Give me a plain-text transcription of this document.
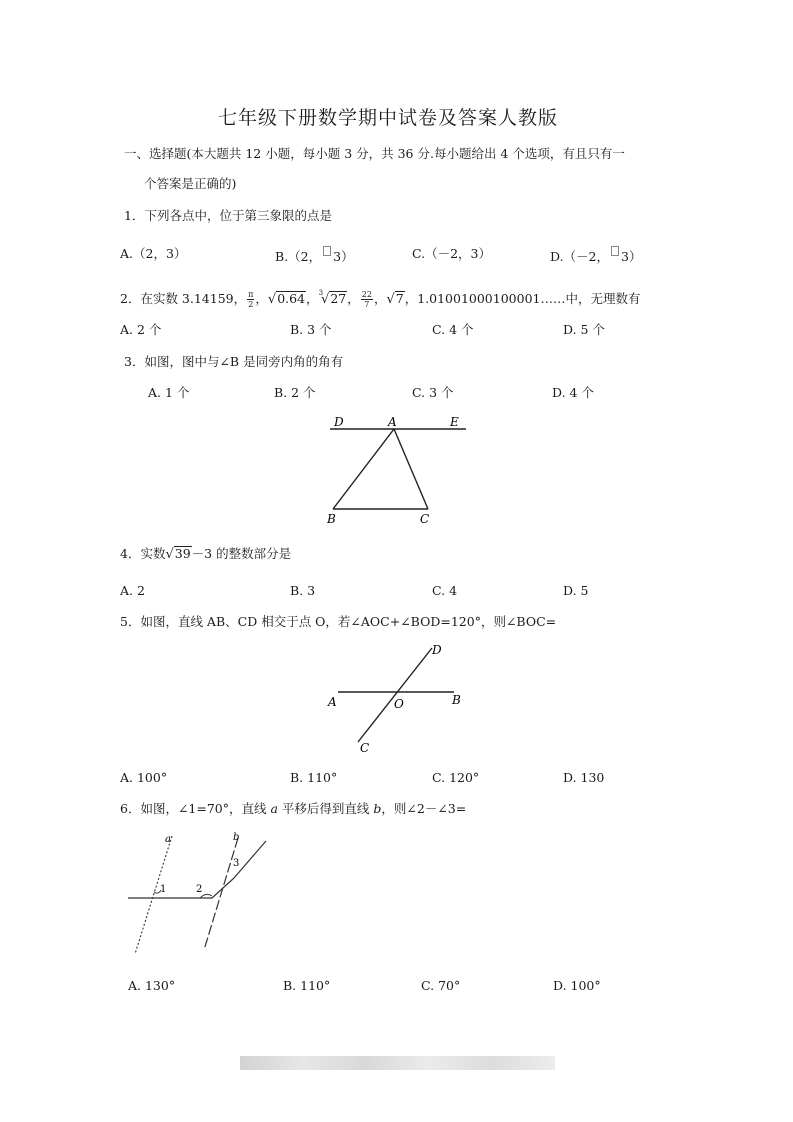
七年级下册数学期中试卷及答案人教版
一、选择题(本大题共 12 小题，每小题 3 分，共 36 分.每小题给出 4 个选项，有且只有一
个答案是正确的)
1．下列各点中，位于第三象限的点是
A.（2，3）	B.（2， 3）	C.（－2，3）	D.（－2， 3）
2．在实数 3.14159， $\frac{\pi}{2}$ ，√0.64，$^3$√27， $\frac{22}{7}$ ，√7，1.01001000100001……中，无理数有
A. 2 个	B. 3 个	C. 4 个	D. 5 个
3．如图，图中与∠B 是同旁内角的角有
A. 1 个	B. 2 个	C. 3 个	D. 4 个
D	A	E
B	C
4．实数√39－3 的整数部分是
A. 2	B. 3	C. 4	D. 5
5．如图，直线 AB、CD 相交于点 O，若∠AOC+∠BOD=120°，则∠BOC=
D
A	O	B
C
A. 100°	B. 110°	C. 120°	D. 130
6．如图，∠1=70°，直线 a 平移后得到直线 b，则∠2－∠3=
a	b
1	2
3
A. 130°	B. 110°	C. 70°	D. 100°
